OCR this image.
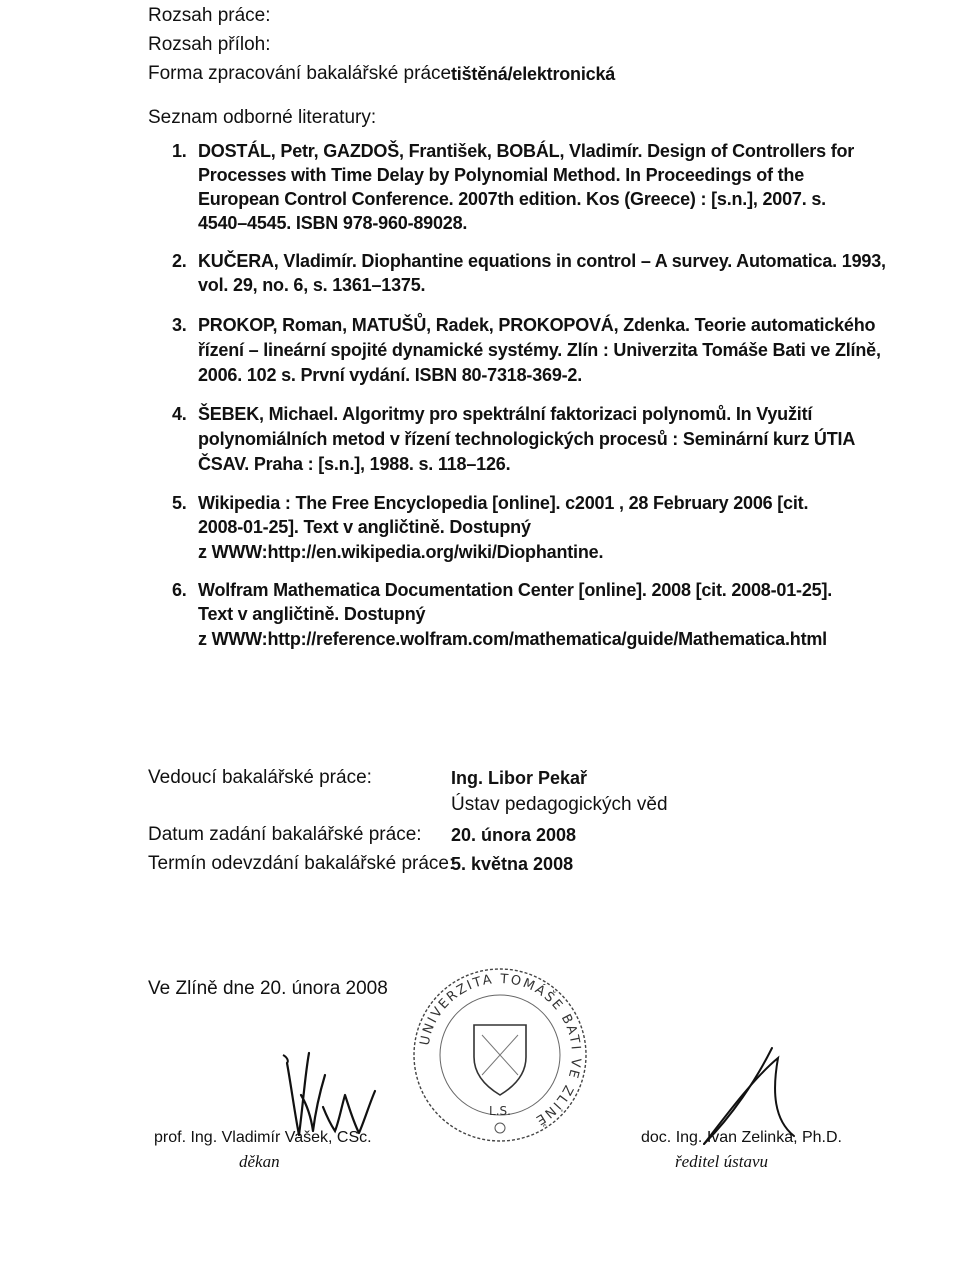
Rozsah práce:
Rozsah příloh:
Forma zpracování bakalářské práce:
tištěná/elektronická
Seznam odborné literatury:
1. DOSTÁL, Petr, GAZDOŠ, František, BOBÁL, Vladimír. Design of Controllers for
Processes with Time Delay by Polynomial Method. In Proceedings of the
European Control Conference. 2007th edition. Kos (Greece) : [s.n.], 2007. s.
4540–4545. ISBN 978-960-89028.
2. KUČERA, Vladimír. Diophantine equations in control – A survey. Automatica. 1993,
vol. 29, no. 6, s. 1361–1375.
3. PROKOP, Roman, MATUŠŮ, Radek, PROKOPOVÁ, Zdenka. Teorie automatického
řízení – lineární spojité dynamické systémy. Zlín : Univerzita Tomáše Bati ve Zlíně,
2006. 102 s. První vydání. ISBN 80-7318-369-2.
4. ŠEBEK, Michael. Algoritmy pro spektrální faktorizaci polynomů. In Využití
polynomiálních metod v řízení technologických procesů : Seminární kurz ÚTIA
ČSAV. Praha : [s.n.], 1988. s. 118–126.
5. Wikipedia : The Free Encyclopedia [online]. c2001 , 28 February 2006 [cit.
2008-01-25]. Text v angličtině. Dostupný
z WWW:http://en.wikipedia.org/wiki/Diophantine.
6. Wolfram Mathematica Documentation Center [online]. 2008 [cit. 2008-01-25].
Text v angličtině. Dostupný
z WWW:http://reference.wolfram.com/mathematica/guide/Mathematica.html
Vedoucí bakalářské práce:	Ing. Libor Pekař
Ústav pedagogických věd
Datum zadání bakalářské práce: 20. února 2008
Termín odevzdání bakalářské práce:
5. května 2008
Ve Zlíně dne 20. února 2008
prof. Ing. Vladimír Vašek, CSc.
děkan
UNIVERZITA TOMÁŠE BATI VE ZLÍNĚ
L.S.
doc. Ing. Ivan Zelinka, Ph.D.
ředitel ústavu
